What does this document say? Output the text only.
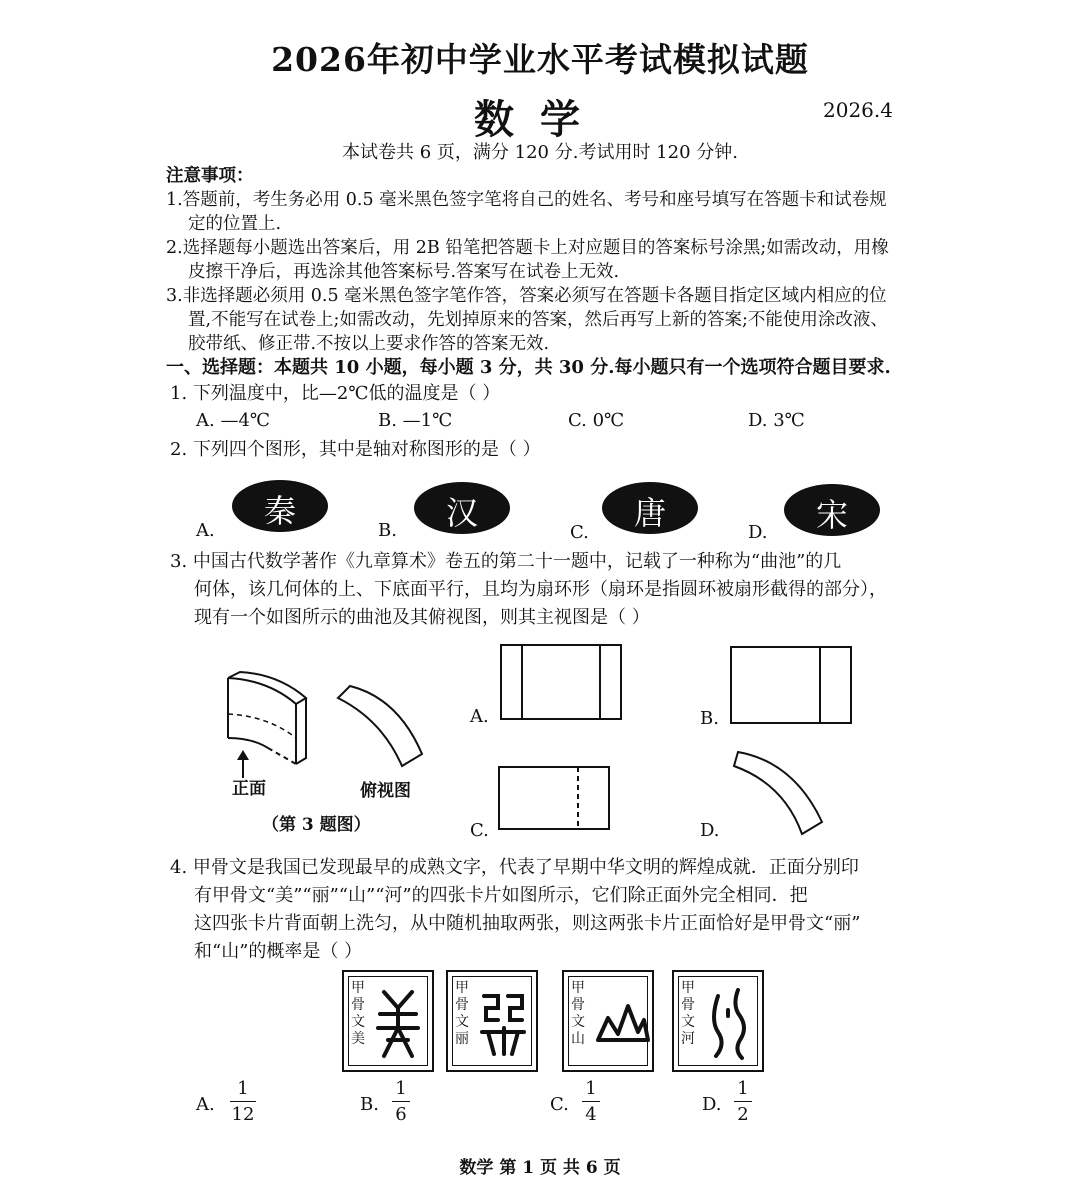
2026年初中学业水平考试模拟试题
数学	2026.4
本试卷共 6 页，满分 120 分.考试用时 120 分钟.
注意事项：
1.答题前，考生务必用 0.5 毫米黑色签字笔将自己的姓名、考号和座号填写在答题卡和试卷规
定的位置上.
2.选择题每小题选出答案后，用 2B 铅笔把答题卡上对应题目的答案标号涂黑;如需改动，用橡
皮擦干净后，再选涂其他答案标号.答案写在试卷上无效.
3.非选择题必须用 0.5 毫米黑色签字笔作答，答案必须写在答题卡各题目指定区域内相应的位
置,不能写在试卷上;如需改动，先划掉原来的答案，然后再写上新的答案;不能使用涂改液、
胶带纸、修正带.不按以上要求作答的答案无效.
一、选择题：本题共 10 小题，每小题 3 分，共 30 分.每小题只有一个选项符合题目要求.
1. 下列温度中，比—2℃低的温度是（ ）
A. —4℃	B. —1℃	C. 0℃	D. 3℃
2. 下列四个图形，其中是轴对称图形的是（ ）
A.
秦
B.	汉
C.
唐
D.	宋
3. 中国古代数学著作《九章算术》卷五的第二十一题中，记载了一种称为“曲池”的几
何体，该几何体的上、下底面平行，且均为扇环形（扇环是指圆环被扇形截得的部分），
现有一个如图所示的曲池及其俯视图，则其主视图是（ ）
正面	俯视图
（第 3 题图）
A.	B.
C.	D.
4. 甲骨文是我国已发现最早的成熟文字，代表了早期中华文明的辉煌成就．正面分别印
有甲骨文“美”“丽”“山”“河”的四张卡片如图所示，它们除正面外完全相同．把
这四张卡片背面朝上洗匀，从中随机抽取两张，则这两张卡片正面恰好是甲骨文“丽”
和“山”的概率是（ ）
甲骨文美
甲骨文丽
甲骨文山
甲骨文河
A.
1
12	B.
1
6	C.
1
4	D.
1
2
数学 第 1 页 共 6 页
